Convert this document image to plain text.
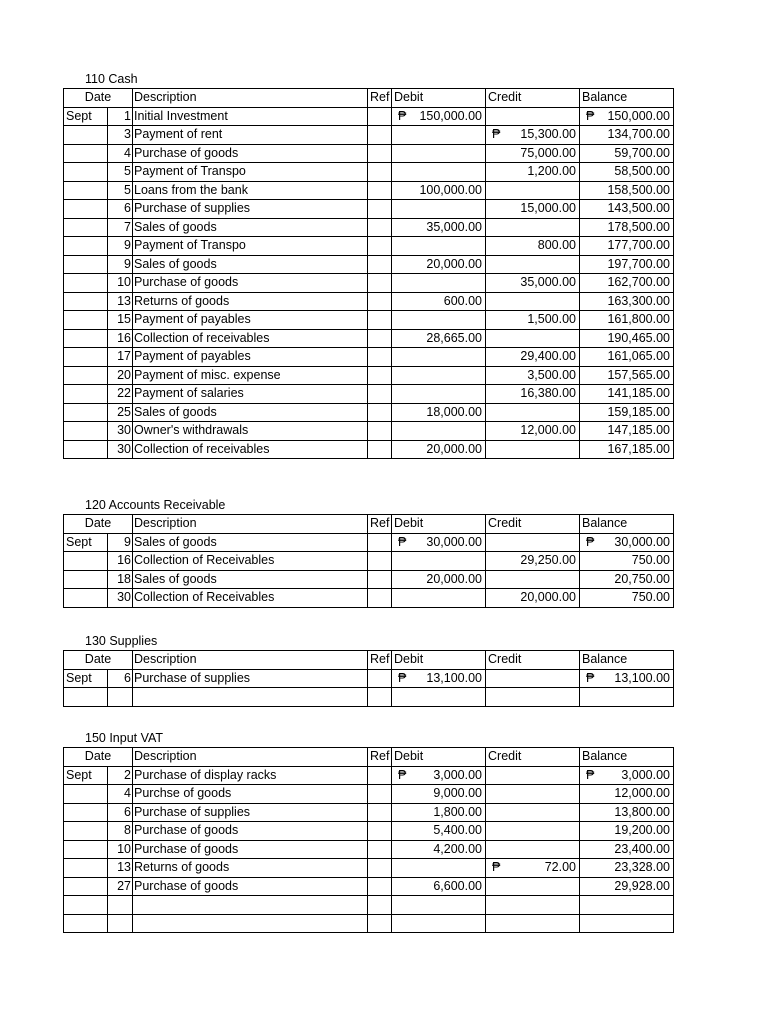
110 Cash
Date		Description	Ref	Debit	Credit	Balance
Sept	1	Initial Investment		₱ 150,000.00		₱ 150,000.00
	3	Payment of rent			₱ 15,300.00	134,700.00
	4	Purchase of goods			75,000.00	59,700.00
	5	Payment of Transpo			1,200.00	58,500.00
	5	Loans from the bank		100,000.00		158,500.00
	6	Purchase of supplies			15,000.00	143,500.00
	7	Sales of goods		35,000.00		178,500.00
	9	Payment of Transpo			800.00	177,700.00
	9	Sales of goods		20,000.00		197,700.00
	10	Purchase of goods			35,000.00	162,700.00
	13	Returns of goods		600.00		163,300.00
	15	Payment of payables			1,500.00	161,800.00
	16	Collection of receivables		28,665.00		190,465.00
	17	Payment of payables			29,400.00	161,065.00
	20	Payment of misc. expense			3,500.00	157,565.00
	22	Payment of salaries			16,380.00	141,185.00
	25	Sales of goods		18,000.00		159,185.00
	30	Owner's withdrawals			12,000.00	147,185.00
	30	Collection of receivables		20,000.00		167,185.00
120 Accounts Receivable
Date		Description	Ref	Debit	Credit	Balance
Sept	9	Sales of goods		₱ 30,000.00		₱ 30,000.00
	16	Collection of Receivables			29,250.00	750.00
	18	Sales of goods		20,000.00		20,750.00
	30	Collection of Receivables			20,000.00	750.00
130 Supplies
Date		Description	Ref	Debit	Credit	Balance
Sept	6	Purchase of supplies		₱ 13,100.00		₱ 13,100.00

150 Input VAT
Date		Description	Ref	Debit	Credit	Balance
Sept	2	Purchase of display racks		₱ 3,000.00		₱ 3,000.00
	4	Purchse of goods		9,000.00		12,000.00
	6	Purchase of supplies		1,800.00		13,800.00
	8	Purchase of goods		5,400.00		19,200.00
	10	Purchase of goods		4,200.00		23,400.00
	13	Returns of goods			₱ 72.00	23,328.00
	27	Purchase of goods		6,600.00		29,928.00
